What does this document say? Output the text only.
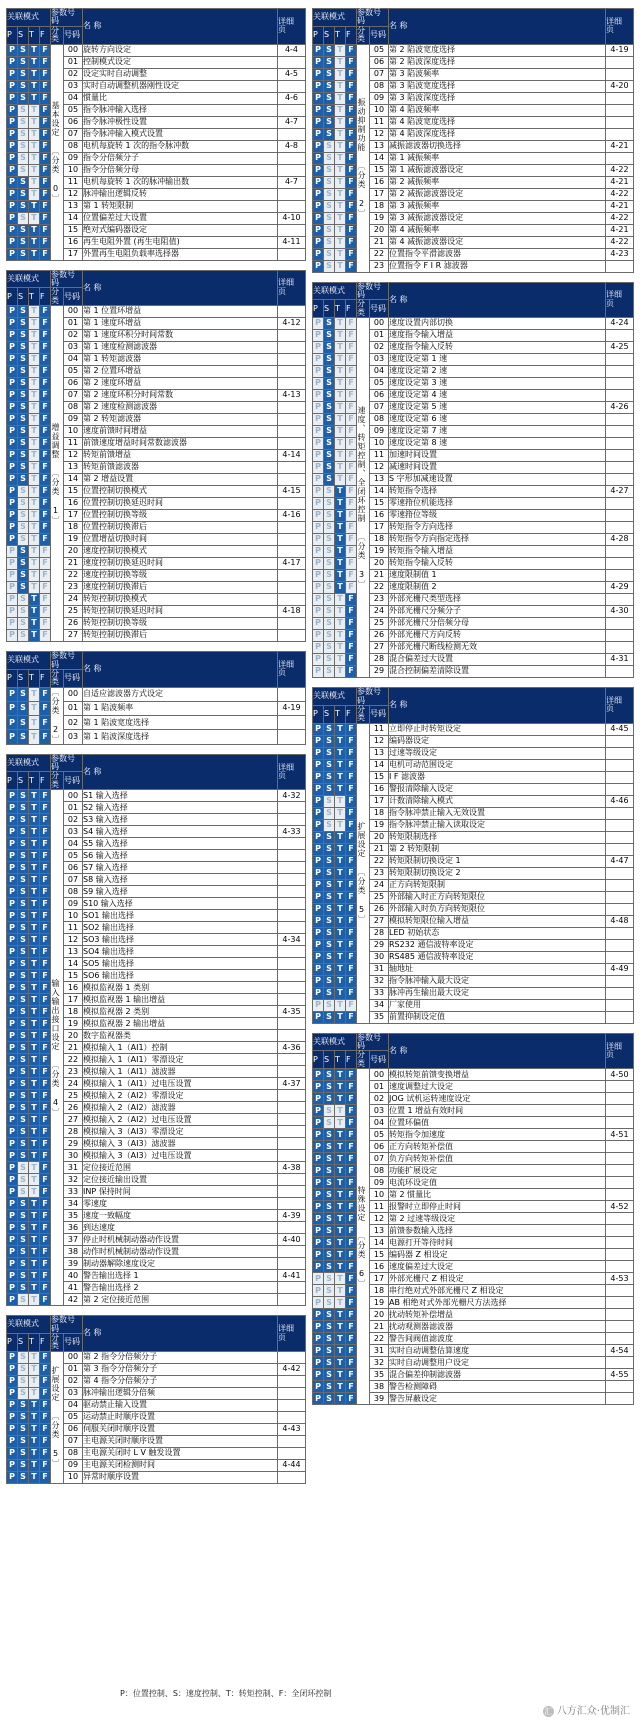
关联模式				参数号码		名 称	详细
页
P	S	T	F	分类	号码		
P	S	T	F	基本设定 〔分类 0〕	00	旋转方向设定	4-4
P	S	T	F		01	控制模式设定	
P	S	T	F		02	设定实时自动调整	4-5
P	S	T	F		03	实时自动调整机器刚性设定	
P	S	T	F		04	惯量比	4-6
P	S	T	F		05	指令脉冲输入选择	
P	S	T	F		06	指令脉冲极性设置	4-7
P	S	T	F		07	指令脉冲输入模式设置	
P	S	T	F		08	电机每旋转 1 次的指令脉冲数	4-8
P	S	T	F		09	指令分倍频分子	
P	S	T	F		10	指令分倍频分母	
P	S	T	F		11	电机每旋转 1 次的脉冲输出数	4-7
P	S	T	F		12	脉冲输出逻辑反转	
P	S	T	F		13	第 1 转矩限制	
P	S	T	F		14	位置偏差过大设置	4-10
P	S	T	F		15	绝对式编码器设定	
P	S	T	F		16	再生电阻外置 (再生电阻值)	4-11
P	S	T	F		17	外置再生电阻负载率选择器	
关联模式				参数号码		名 称	详细
页
P	S	T	F	分类	号码		
P	S	T	F	增益调整 〔分类 1〕	00	第 1 位置环增益	
P	S	T	F		01	第 1 速度环增益	4-12
P	S	T	F		02	第 1 速度环积分时间常数	
P	S	T	F		03	第 1 速度检测滤波器	
P	S	T	F		04	第 1 转矩滤波器	
P	S	T	F		05	第 2 位置环增益	
P	S	T	F		06	第 2 速度环增益	
P	S	T	F		07	第 2 速度环积分时间常数	4-13
P	S	T	F		08	第 2 速度检测滤波器	
P	S	T	F		09	第 2 转矩滤波器	
P	S	T	F		10	速度前馈时间增益	
P	S	T	F		11	前馈速度增益时间常数滤波器	
P	S	T	F		12	转矩前馈增益	4-14
P	S	T	F		13	转矩前馈滤波器	
P	S	T	F		14	第 2 增益设置	
P	S	T	F		15	位置控制切换模式	4-15
P	S	T	F		16	位置控制切换延迟时间	
P	S	T	F		17	位置控制切换等级	4-16
P	S	T	F		18	位置控制切换滞后	
P	S	T	F		19	位置增益切换时间	
P	S	T	F		20	速度控制切换模式	
P	S	T	F		21	速度控制切换延迟时间	4-17
P	S	T	F		22	速度控制切换等级	
P	S	T	F		23	速度控制切换滞后	
P	S	T	F		24	转矩控制切换模式	
P	S	T	F		25	转矩控制切换延迟时间	4-18
P	S	T	F		26	转矩控制切换等级	
P	S	T	F		27	转矩控制切换滞后	
关联模式				参数号码		名 称	详细
页
P	S	T	F	分类	号码		
P	S	T	F	〔分类 2〕	00	自适应滤波器方式设定	
P	S	T	F		01	第 1 陷波频率	4-19
P	S	T	F		02	第 1 陷波宽度选择	
P	S	T	F		03	第 1 陷波深度选择	
关联模式				参数号码		名 称	详细
页
P	S	T	F	分类	号码		
P	S	T	F	输入输出接口设定 〔分类 4〕	00	S1 输入选择	4-32
P	S	T	F		01	S2 输入选择	
P	S	T	F		02	S3 输入选择	
P	S	T	F		03	S4 输入选择	4-33
P	S	T	F		04	S5 输入选择	
P	S	T	F		05	S6 输入选择	
P	S	T	F		06	S7 输入选择	
P	S	T	F		07	S8 输入选择	
P	S	T	F		08	S9 输入选择	
P	S	T	F		09	S10 输入选择	
P	S	T	F		10	SO1 输出选择	
P	S	T	F		11	SO2 输出选择	
P	S	T	F		12	SO3 输出选择	4-34
P	S	T	F		13	SO4 输出选择	
P	S	T	F		14	SO5 输出选择	
P	S	T	F		15	SO6 输出选择	
P	S	T	F		16	模拟监视器 1 类别	
P	S	T	F		17	模拟监视器 1 输出增益	
P	S	T	F		18	模拟监视器 2 类别	4-35
P	S	T	F		19	模拟监视器 2 输出增益	
P	S	T	F		20	数字监视器类	
P	S	T	F		21	模拟输入 1（AI1）控制	4-36
P	S	T	F		22	模拟输入 1（AI1）零漂设定	
P	S	T	F		23	模拟输入 1（AI1）滤波器	
P	S	T	F		24	模拟输入 1（AI1）过电压设置	4-37
P	S	T	F		25	模拟输入 2（AI2）零漂设定	
P	S	T	F		26	模拟输入 2（AI2）滤波器	
P	S	T	F		27	模拟输入 2（AI2）过电压设置	
P	S	T	F		28	模拟输入 3（AI3）零漂设定	
P	S	T	F		29	模拟输入 3（AI3）滤波器	
P	S	T	F		30	模拟输入 3（AI3）过电压设置	
P	S	T	F		31	定位接近范围	4-38
P	S	T	F		32	定位接近输出设置	
P	S	T	F		33	INP 保持时间	
P	S	T	F		34	零速度	
P	S	T	F		35	速度一致幅度	4-39
P	S	T	F		36	到达速度	
P	S	T	F		37	停止时机械制动器动作设置	4-40
P	S	T	F		38	动作时机械制动器动作设置	
P	S	T	F		39	制动器解除速度设定	
P	S	T	F		40	警告输出选择 1	4-41
P	S	T	F		41	警告输出选择 2	
P	S	T	F		42	第 2 定位接近范围	
关联模式				参数号码		名 称	详细
页
P	S	T	F	分类	号码		
P	S	T	F	扩展设定 〔分类 5〕	00	第 2 指令分倍频分子	
P	S	T	F		01	第 3 指令分倍频分子	4-42
P	S	T	F		02	第 4 指令分倍频分子	
P	S	T	F		03	脉冲输出逻辑分倍频	
P	S	T	F		04	驱动禁止输入设置	
P	S	T	F		05	运动禁止时顺序设置	
P	S	T	F		06	伺服关闭时顺序设置	4-43
P	S	T	F		07	主电源关闭时顺序设置	
P	S	T	F		08	主电源关闭时 L V 触发设置	
P	S	T	F		09	主电源关闭检测时间	4-44
P	S	T	F		10	异常时顺序设置	
关联模式				参数号码		名 称	详细
页
P	S	T	F	分类	号码		
P	S	T	F	振动抑制功能 〔分类 2〕	05	第 2 陷波宽度选择	4-19
P	S	T	F		06	第 2 陷波深度选择	
P	S	T	F		07	第 3 陷波频率	
P	S	T	F		08	第 3 陷波宽度选择	4-20
P	S	T	F		09	第 3 陷波深度选择	
P	S	T	F		10	第 4 陷波频率	
P	S	T	F		11	第 4 陷波宽度选择	
P	S	T	F		12	第 4 陷波深度选择	
P	S	T	F		13	减振滤波器切换选择	4-21
P	S	T	F		14	第 1 减振频率	
P	S	T	F		15	第 1 减振滤波器设定	4-22
P	S	T	F		16	第 2 减振频率	4-21
P	S	T	F		17	第 2 减振滤波器设定	4-22
P	S	T	F		18	第 3 减振频率	4-21
P	S	T	F		19	第 3 减振滤波器设定	4-22
P	S	T	F		20	第 4 减振频率	4-21
P	S	T	F		21	第 4 减振滤波器设定	4-22
P	S	T	F		22	位置指令平滑滤波器	4-23
P	S	T	F		23	位置指令 F I R 滤波器	
关联模式				参数号码		名 称	详细
页
P	S	T	F	分类	号码		
P	S	T	F	速度、转矩控制、全闭环控制 〔分类 3〕	00	速度设置内部切换	4-24
P	S	T	F		01	速度指令输入增益	
P	S	T	F		02	速度指令输入反转	4-25
P	S	T	F		03	速度设定第 1 速	
P	S	T	F		04	速度设定第 2 速	
P	S	T	F		05	速度设定第 3 速	
P	S	T	F		06	速度设定第 4 速	
P	S	T	F		07	速度设定第 5 速	4-26
P	S	T	F		08	速度设定第 6 速	
P	S	T	F		09	速度设定第 7 速	
P	S	T	F		10	速度设定第 8 速	
P	S	T	F		11	加速时间设置	
P	S	T	F		12	减速时间设置	
P	S	T	F		13	S 字形加减速设置	
P	S	T	F		14	转矩指令选择	4-27
P	S	T	F		15	零速箝位机能选择	
P	S	T	F		16	零速箝位等级	
P	S	T	F		17	转矩指令方向选择	
P	S	T	F		18	转矩指令方向指定选择	4-28
P	S	T	F		19	转矩指令输入增益	
P	S	T	F		20	转矩指令输入反转	
P	S	T	F		21	速度限制值 1	
P	S	T	F		22	速度限制值 2	4-29
P	S	T	F		23	外部光栅尺类型选择	
P	S	T	F		24	外部光栅尺分频分子	4-30
P	S	T	F		25	外部光栅尺分倍频分母	
P	S	T	F		26	外部光栅尺方向反转	
P	S	T	F		27	外部光栅尺断线检测无效	
P	S	T	F		28	混合偏差过大设置	4-31
P	S	T	F		29	混合控制偏差清除设置	
关联模式				参数号码		名 称	详细
页
P	S	T	F	分类	号码		
P	S	T	F	扩展设定 〔分类 5〕	11	立即停止时转矩设定	4-45
P	S	T	F		12	编码器设定	
P	S	T	F		13	过速等级设定	
P	S	T	F		14	电机可动范围设定	
P	S	T	F		15	I F 滤波器	
P	S	T	F		16	警报清除输入设定	
P	S	T	F		17	计数清除输入模式	4-46
P	S	T	F		18	指令脉冲禁止输入无效设置	
P	S	T	F		19	指令脉冲禁止输入读取设定	
P	S	T	F		20	转矩限制选择	
P	S	T	F		21	第 2 转矩限制	
P	S	T	F		22	转矩限制切换设定 1	4-47
P	S	T	F		23	转矩限制切换设定 2	
P	S	T	F		24	正方向转矩限制	
P	S	T	F		25	外部输入时正方向转矩限位	
P	S	T	F		26	外部输入时负方向转矩限位	
P	S	T	F		27	模拟转矩限位输入增益	4-48
P	S	T	F		28	LED 初始状态	
P	S	T	F		29	RS232 通信波特率设定	
P	S	T	F		30	RS485 通信波特率设定	
P	S	T	F		31	轴地址	4-49
P	S	T	F		32	指令脉冲输入最大设定	
P	S	T	F		33	脉冲再生输出最大设定	
P	S	T	F		34	厂家使用	
P	S	T	F		35	前置抑制设定值	
关联模式				参数号码		名 称	详细
页
P	S	T	F	分类	号码		
P	S	T	F	特殊设定 〔分类 6〕	00	模拟转矩前馈变换增益	4-50
P	S	T	F		01	速度调整过大设定	
P	S	T	F		02	JOG 试机运转速度设定	
P	S	T	F		03	位置 1 增益有效时间	
P	S	T	F		04	位置环偏值	
P	S	T	F		05	转矩指令加速度	4-51
P	S	T	F		06	正方向转矩补偿值	
P	S	T	F		07	负方向转矩补偿值	
P	S	T	F		08	功能扩展设定	
P	S	T	F		09	电流环设定值	
P	S	T	F		10	第 2 惯量比	
P	S	T	F		11	报警时立即停止时间	4-52
P	S	T	F		12	第 2 过速等级设定	
P	S	T	F		13	前馈参数输入选择	
P	S	T	F		14	电源打开等待时间	
P	S	T	F		15	编码器 Z 相设定	
P	S	T	F		16	速度偏差过大设定	
P	S	T	F		17	外部光栅尺 Z 相设定	4-53
P	S	T	F		18	串行绝对式外部光栅尺 Z 相设定	
P	S	T	F		19	AB 相绝对式外部光栅尺方法选择	
P	S	T	F		20	扰动转矩补偿增益	
P	S	T	F		21	扰动观测器滤波器	
P	S	T	F		22	警告间阀值滤波度	
P	S	T	F		31	实时自动调整估算速度	4-54
P	S	T	F		32	实时自动调整用户设定	
P	S	T	F		35	混合偏差抑制滤波器	4-55
P	S	T	F		38	警告检测障碍	
P	S	T	F		39	警告屏蔽设定	
P：位置控制、S：速度控制、T：转矩控制、F：全闭环控制
汇 八方汇众·优制汇
